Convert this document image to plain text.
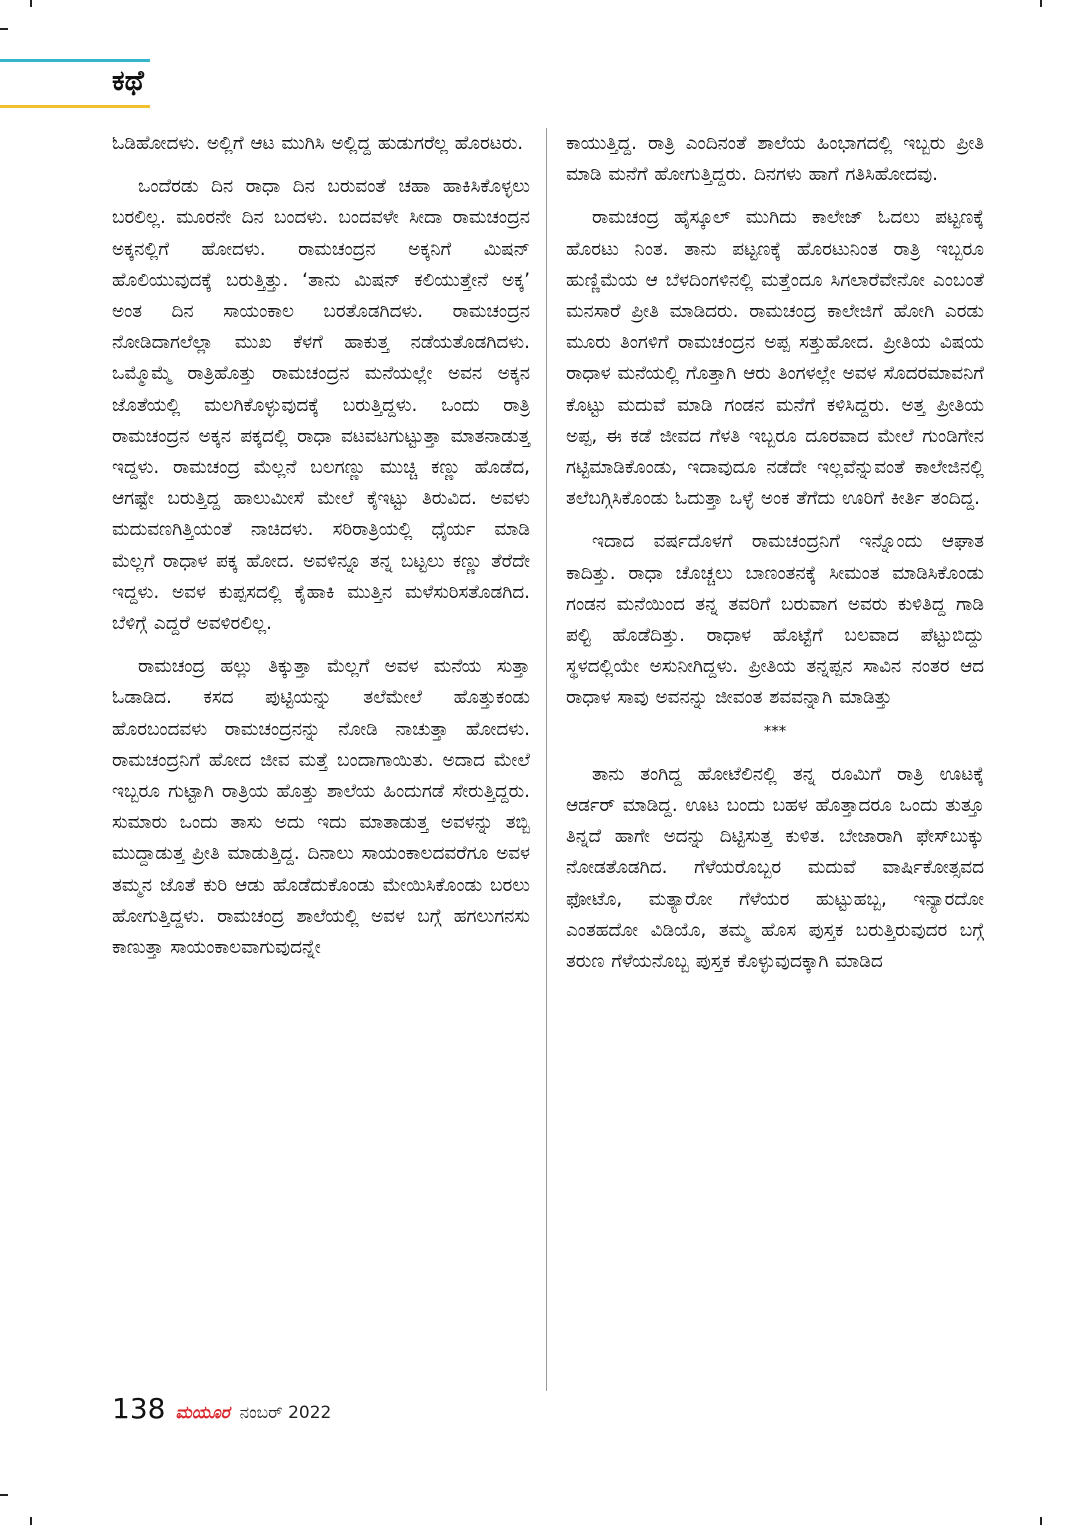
ಕಥೆ

ಓಡಿಹೋದಳು. ಅಲ್ಲಿಗೆ ಆಟ ಮುಗಿಸಿ ಅಲ್ಲಿದ್ದ ಹುಡುಗರೆಲ್ಲ ಹೊರಟರು.

ಒಂದೆರಡು ದಿನ ರಾಧಾ ದಿನ ಬರುವಂತೆ ಚಹಾ ಹಾಕಿಸಿಕೊಳ್ಳಲು ಬರಲಿಲ್ಲ. ಮೂರನೇ ದಿನ ಬಂದಳು. ಬಂದವಳೇ ಸೀದಾ ರಾಮಚಂದ್ರನ ಅಕ್ಕನಲ್ಲಿಗೆ ಹೋದಳು. ರಾಮಚಂದ್ರನ ಅಕ್ಕನಿಗೆ ಮಿಷನ್ ಹೊಲಿಯುವುದಕ್ಕೆ ಬರುತ್ತಿತ್ತು. ‘ತಾನು ಮಿಷನ್ ಕಲಿಯುತ್ತೇನೆ ಅಕ್ಕ’ ಅಂತ ದಿನ ಸಾಯಂಕಾಲ ಬರತೊಡಗಿದಳು. ರಾಮಚಂದ್ರನ ನೋಡಿದಾಗಲೆಲ್ಲಾ ಮುಖ ಕೆಳಗೆ ಹಾಕುತ್ತ ನಡೆಯತೊಡಗಿದಳು. ಒಮ್ಮೊಮ್ಮೆ ರಾತ್ರಿಹೊತ್ತು ರಾಮಚಂದ್ರನ ಮನೆಯಲ್ಲೇ ಅವನ ಅಕ್ಕನ ಜೊತೆಯಲ್ಲಿ ಮಲಗಿಕೊಳ್ಳುವುದಕ್ಕೆ ಬರುತ್ತಿದ್ದಳು. ಒಂದು ರಾತ್ರಿ ರಾಮಚಂದ್ರನ ಅಕ್ಕನ ಪಕ್ಕದಲ್ಲಿ ರಾಧಾ ವಟವಟಗುಟ್ಟುತ್ತಾ ಮಾತನಾಡುತ್ತ ಇದ್ದಳು. ರಾಮಚಂದ್ರ ಮೆಲ್ಲನೆ ಬಲಗಣ್ಣು ಮುಚ್ಚಿ ಕಣ್ಣು ಹೊಡೆದ, ಆಗಷ್ಟೇ ಬರುತ್ತಿದ್ದ ಹಾಲುಮೀಸೆ ಮೇಲೆ ಕೈಇಟ್ಟು ತಿರುವಿದ. ಅವಳು ಮದುವಣಗಿತ್ತಿಯಂತೆ ನಾಚಿದಳು. ಸರಿರಾತ್ರಿಯಲ್ಲಿ ಧೈರ್ಯ ಮಾಡಿ ಮೆಲ್ಲಗೆ ರಾಧಾಳ ಪಕ್ಕ ಹೋದ. ಅವಳಿನ್ನೂ ತನ್ನ ಬಟ್ಟಲು ಕಣ್ಣು ತೆರೆದೇ ಇದ್ದಳು. ಅವಳ ಕುಪ್ಪಸದಲ್ಲಿ ಕೈಹಾಕಿ ಮುತ್ತಿನ ಮಳೆಸುರಿಸತೊಡಗಿದ. ಬೆಳಿಗ್ಗೆ ಎದ್ದರೆ ಅವಳಿರಲಿಲ್ಲ.

ರಾಮಚಂದ್ರ ಹಲ್ಲು ತಿಕ್ಕುತ್ತಾ ಮೆಲ್ಲಗೆ ಅವಳ ಮನೆಯ ಸುತ್ತಾ ಓಡಾಡಿದ. ಕಸದ ಪುಟ್ಟಿಯನ್ನು ತಲೆಮೇಲೆ ಹೊತ್ತುಕಂಡು ಹೊರಬಂದವಳು ರಾಮಚಂದ್ರನನ್ನು ನೋಡಿ ನಾಚುತ್ತಾ ಹೋದಳು. ರಾಮಚಂದ್ರನಿಗೆ ಹೋದ ಜೀವ ಮತ್ತೆ ಬಂದಾಗಾಯಿತು. ಅದಾದ ಮೇಲೆ ಇಬ್ಬರೂ ಗುಟ್ಟಾಗಿ ರಾತ್ರಿಯ ಹೊತ್ತು ಶಾಲೆಯ ಹಿಂದುಗಡೆ ಸೇರುತ್ತಿದ್ದರು. ಸುಮಾರು ಒಂದು ತಾಸು ಅದು ಇದು ಮಾತಾಡುತ್ತ ಅವಳನ್ನು ತಬ್ಬಿ ಮುದ್ದಾಡುತ್ತ ಪ್ರೀತಿ ಮಾಡುತ್ತಿದ್ದ. ದಿನಾಲು ಸಾಯಂಕಾಲದವರೆಗೂ ಅವಳ ತಮ್ಮನ ಜೊತೆ ಕುರಿ ಆಡು ಹೊಡೆದುಕೊಂಡು ಮೇಯಿಸಿಕೊಂಡು ಬರಲು ಹೋಗುತ್ತಿದ್ದಳು. ರಾಮಚಂದ್ರ ಶಾಲೆಯಲ್ಲಿ ಅವಳ ಬಗ್ಗೆ ಹಗಲುಗನಸು ಕಾಣುತ್ತಾ ಸಾಯಂಕಾಲವಾಗುವುದನ್ನೇ

ಕಾಯುತ್ತಿದ್ದ. ರಾತ್ರಿ ಎಂದಿನಂತೆ ಶಾಲೆಯ ಹಿಂಭಾಗದಲ್ಲಿ ಇಬ್ಬರು ಪ್ರೀತಿ ಮಾಡಿ ಮನೆಗೆ ಹೋಗುತ್ತಿದ್ದರು. ದಿನಗಳು ಹಾಗೆ ಗತಿಸಿಹೋದವು.

ರಾಮಚಂದ್ರ ಹೈಸ್ಕೂಲ್ ಮುಗಿದು ಕಾಲೇಜ್ ಓದಲು ಪಟ್ಟಣಕ್ಕೆ ಹೊರಟು ನಿಂತ. ತಾನು ಪಟ್ಟಣಕ್ಕೆ ಹೊರಟುನಿಂತ ರಾತ್ರಿ ಇಬ್ಬರೂ ಹುಣ್ಣಿಮೆಯ ಆ ಬೆಳದಿಂಗಳಿನಲ್ಲಿ ಮತ್ತೆಂದೂ ಸಿಗಲಾರೆವೇನೋ ಎಂಬಂತೆ ಮನಸಾರೆ ಪ್ರೀತಿ ಮಾಡಿದರು. ರಾಮಚಂದ್ರ ಕಾಲೇಜಿಗೆ ಹೋಗಿ ಎರಡು ಮೂರು ತಿಂಗಳಿಗೆ ರಾಮಚಂದ್ರನ ಅಪ್ಪ ಸತ್ತುಹೋದ. ಪ್ರೀತಿಯ ವಿಷಯ ರಾಧಾಳ ಮನೆಯಲ್ಲಿ ಗೊತ್ತಾಗಿ ಆರು ತಿಂಗಳಲ್ಲೇ ಅವಳ ಸೊದರಮಾವನಿಗೆ ಕೊಟ್ಟು ಮದುವೆ ಮಾಡಿ ಗಂಡನ ಮನೆಗೆ ಕಳಿಸಿದ್ದರು. ಅತ್ತ ಪ್ರೀತಿಯ ಅಪ್ಪ, ಈ ಕಡೆ ಜೀವದ ಗೆಳತಿ ಇಬ್ಬರೂ ದೂರವಾದ ಮೇಲೆ ಗುಂಡಿಗೇನ ಗಟ್ಟಿಮಾಡಿಕೊಂಡು, ಇದಾವುದೂ ನಡೆದೇ ಇಲ್ಲವೆನ್ನುವಂತೆ ಕಾಲೇಜಿನಲ್ಲಿ ತಲೆಬಗ್ಗಿಸಿಕೊಂಡು ಓದುತ್ತಾ ಒಳ್ಳೆ ಅಂಕ ತೆಗೆದು ಊರಿಗೆ ಕೀರ್ತಿ ತಂದಿದ್ದ.

ಇದಾದ ವರ್ಷದೊಳಗೆ ರಾಮಚಂದ್ರನಿಗೆ ಇನ್ನೊಂದು ಆಘಾತ ಕಾದಿತ್ತು. ರಾಧಾ ಚೊಚ್ಚಲು ಬಾಣಂತನಕ್ಕೆ ಸೀಮಂತ ಮಾಡಿಸಿಕೊಂಡು ಗಂಡನ ಮನೆಯಿಂದ ತನ್ನ ತವರಿಗೆ ಬರುವಾಗ ಅವರು ಕುಳಿತಿದ್ದ ಗಾಡಿ ಪಲ್ಟಿ ಹೊಡೆದಿತ್ತು. ರಾಧಾಳ ಹೊಟ್ಟೆಗೆ ಬಲವಾದ ಪೆಟ್ಟುಬಿದ್ದು ಸ್ಥಳದಲ್ಲಿಯೇ ಅಸುನೀಗಿದ್ದಳು. ಪ್ರೀತಿಯ ತನ್ನಪ್ಪನ ಸಾವಿನ ನಂತರ ಆದ ರಾಧಾಳ ಸಾವು ಅವನನ್ನು ಜೀವಂತ ಶವವನ್ನಾಗಿ ಮಾಡಿತ್ತು

***

ತಾನು ತಂಗಿದ್ದ ಹೋಟೆಲಿನಲ್ಲಿ ತನ್ನ ರೂಮಿಗೆ ರಾತ್ರಿ ಊಟಕ್ಕೆ ಆರ್ಡರ್ ಮಾಡಿದ್ದ. ಊಟ ಬಂದು ಬಹಳ ಹೊತ್ತಾದರೂ ಒಂದು ತುತ್ತೂ ತಿನ್ನದೆ ಹಾಗೇ ಅದನ್ನು ದಿಟ್ಟಿಸುತ್ತ ಕುಳಿತ. ಬೇಜಾರಾಗಿ ಫೇಸ್‌ಬುಕ್ಕು ನೋಡತೊಡಗಿದ. ಗೆಳೆಯರೊಬ್ಬರ ಮದುವೆ ವಾರ್ಷಿಕೋತ್ಸವದ ಫೋಟೊ, ಮತ್ಯಾರೋ ಗೆಳೆಯರ ಹುಟ್ಟುಹಬ್ಬ, ಇನ್ಯಾರದೋ ಎಂತಹದೋ ವಿಡಿಯೊ, ತಮ್ಮ ಹೊಸ ಪುಸ್ತಕ ಬರುತ್ತಿರುವುದರ ಬಗ್ಗೆ ತರುಣ ಗೆಳೆಯನೊಬ್ಬ ಪುಸ್ತಕ ಕೊಳ್ಳುವುದಕ್ಕಾಗಿ ಮಾಡಿದ

138 ಮಯೂರ ನಂಬರ್ 2022
